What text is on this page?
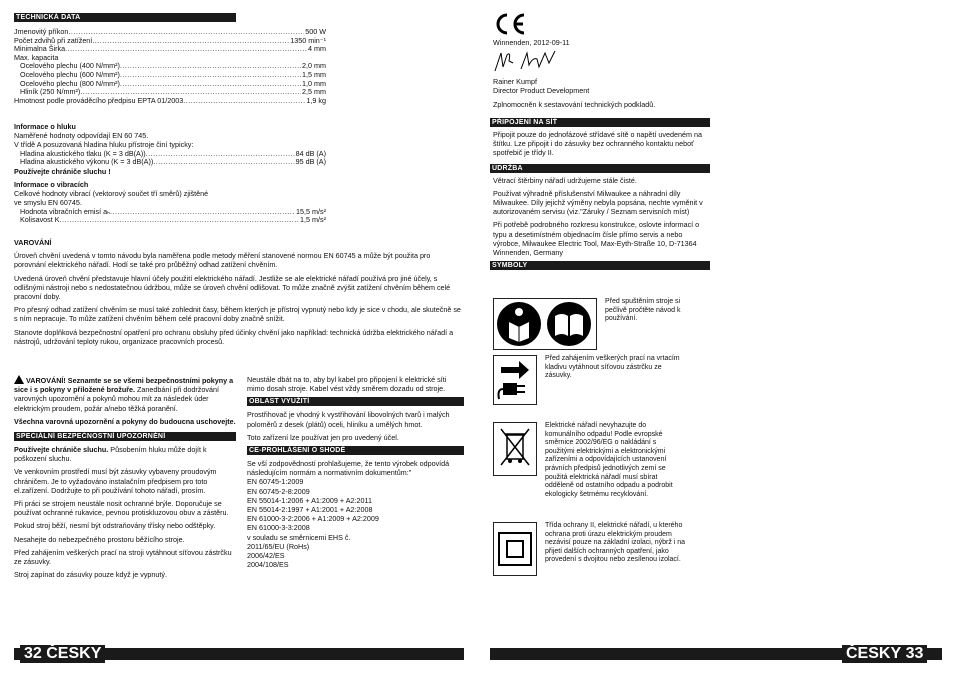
TECHNICKÁ DATA
Jmenovitý příkon .....	500 W
Počet zdvihů při zatížení .....	1350 min⁻¹
Minimalna Širka .....	4 mm
Max. kapacita
Ocelového plechu (400 N/mm²) .....	2,0 mm
Ocelového plechu (600 N/mm²) .....	1,5 mm
Ocelového plechu (800 N/mm²) .....	1,0 mm
Hliník (250 N/mm²) .....	2,5 mm
Hmotnost podle prováděcího předpisu EPTA 01/2003 .....	1,9 kg
Informace o hluku
Naměřené hodnoty odpovídají EN 60 745.
V třídě A posuzovaná hladina hluku přístroje činí typicky:
Hladina akustického tlaku (K = 3 dB(A)) .....	84 dB (A)
Hladina akustického výkonu (K = 3 dB(A)) .....	95 dB (A)
Používejte chrániče sluchu !
Informace o vibracích
Celkové hodnoty vibrací (vektorový součet tří směrů) zjištěné
ve smyslu EN 60745.
Hodnota vibračních emisí aₕ .....	15,5 m/s²
Kolisavost K .....	1,5 m/s²
VAROVÁNÍ
Úroveň chvění uvedená v tomto návodu byla naměřena podle metody měření stanovené normou EN 60745 a může být použita pro porovnání elektrického nářadí. Hodí se také pro průběžný odhad zatížení chvěním.
Uvedená úroveň chvění představuje hlavní účely použití elektrického nářadí. Jestliže se ale elektrické nářadí používá pro jiné účely, s odlišnými nástroji nebo s nedostatečnou údržbou, může se úroveň chvění odlišovat. To může značně zvýšit zatížení chvěním během celé pracovní doby.
Pro přesný odhad zatížení chvěním se musí také zohlednit časy, během kterých je přístroj vypnutý nebo kdy je sice v chodu, ale skutečně se s ním nepracuje. To může zatížení chvěním během celé pracovní doby značně snížit.
Stanovte doplňková bezpečnostní opatření pro ochranu obsluhy před účinky chvění jako například: technická údržba elektrického nářadí a nástrojů, udržování teploty rukou, organizace pracovních procesů.
VAROVÁNÍ! Seznamte se se všemi bezpečnostními pokyny a sice i s pokyny v přiložené brožuře. Zanedbání při dodržování varovných upozornění a pokynů mohou mít za následek úder elektrickým proudem, požár a/nebo těžká poranění.
Všechna varovná upozornění a pokyny do budoucna uschovejte.
SPECIÁLNÍ BEZPEČNOSTNÍ UPOZORNĚNÍ
Používejte chrániče sluchu. Působením hluku může dojít k poškození sluchu.
Ve venkovním prostředí musí být zásuvky vybaveny proudovým chráničem. Je to vyžadováno instalačním předpisem pro toto el.zařízení. Dodržujte to při používání tohoto nářadí, prosím.
Při práci se strojem neustále nosit ochranné brýle. Doporučuje se používat ochranné rukavice, pevnou protiskluzovou obuv a zástěru.
Pokud stroj běží, nesmí být odstraňovány třísky nebo odštěpky.
Nesahejte do nebezpečného prostoru běžícího stroje.
Před zahájením veškerých prací na stroji vytáhnout síťovou zástrčku ze zásuvky.
Stroj zapínat do zásuvky pouze když je vypnutý.
Neustále dbát na to, aby byl kabel pro připojení k elektrické síti mimo dosah stroje. Kabel vést vždy směrem dozadu od stroje.
OBLAST VYUŽITÍ
Prostřihovač je vhodný k vystřihování libovolných tvarů i malých poloměrů z desek (plátů) oceli, hliníku a umělých hmot.
Toto zařízení lze používat jen pro uvedený účel.
CE-PROHLÁŠENÍ O SHODĚ
Se vší zodpovědností prohlašujeme, že tento výrobek odpovídá následujícím normám a normativním dokumentům:"
EN 60745-1:2009
EN 60745-2-8:2009
EN 55014-1:2006 + A1:2009 + A2:2011
EN 55014-2:1997 + A1:2001 + A2:2008
EN 61000-3-2:2006 + A1:2009 + A2:2009
EN 61000-3-3:2008
v souladu se směrnicemi EHS č.
2011/65/EU (RoHs)
2006/42/ES
2004/108/ES
32 ČESKY
Winnenden, 2012-09-11
Rainer Kumpf
Director Product Development
Zplnomocněn k sestavování technických podkladů.
PŘIPOJENÍ NA SÍŤ
Připojit pouze do jednofázové střídavé sítě o napětí uvedeném na štítku. Lze připojit i do zásuvky bez ochranného kontaktu neboť spotřebič je třídy II.
ÚDRŽBA
Větrací štěrbiny nářadí udržujeme stále čisté.
Používat výhradně příslušenství Milwaukee a náhradní díly Milwaukee. Díly jejichž výměny nebyla popsána, nechte vyměnit v autorizovaném servisu (viz."Záruky / Seznam servisních míst)
Při potřebě podrobného rozkresu konstrukce, oslovte informací o typu a desetimístném objednacím čísle přímo servis a nebo výrobce, Milwaukee Electric Tool, Max-Eyth-Straße 10, D-71364 Winnenden, Germany
SYMBOLY
Před spuštěním stroje si pečlivě pročtěte návod k používání.
Před zahájením veškerých prací na vrtacím kladivu vytáhnout síťovou zástrčku ze zásuvky.
Elektrické nářadí nevyhazujte do komunálního odpadu! Podle evropské směrnice 2002/96/EG o nakládání s použitými elektrickými a elektronickými zařízeními a odpovídajících ustanovení právních předpisů jednotlivých zemí se použitá elektrická nářadí musí sbírat odděleně od ostatního odpadu a podrobit ekologicky šetrnému recyklování.
Třída ochrany II, elektrické nářadí, u kterého ochrana proti úrazu elektrickým proudem nezávisí pouze na základní izolaci, nýbrž i na přijetí dalších ochranných opatření, jako provedení s dvojitou nebo zesílenou izolací.
ČESKY 33
